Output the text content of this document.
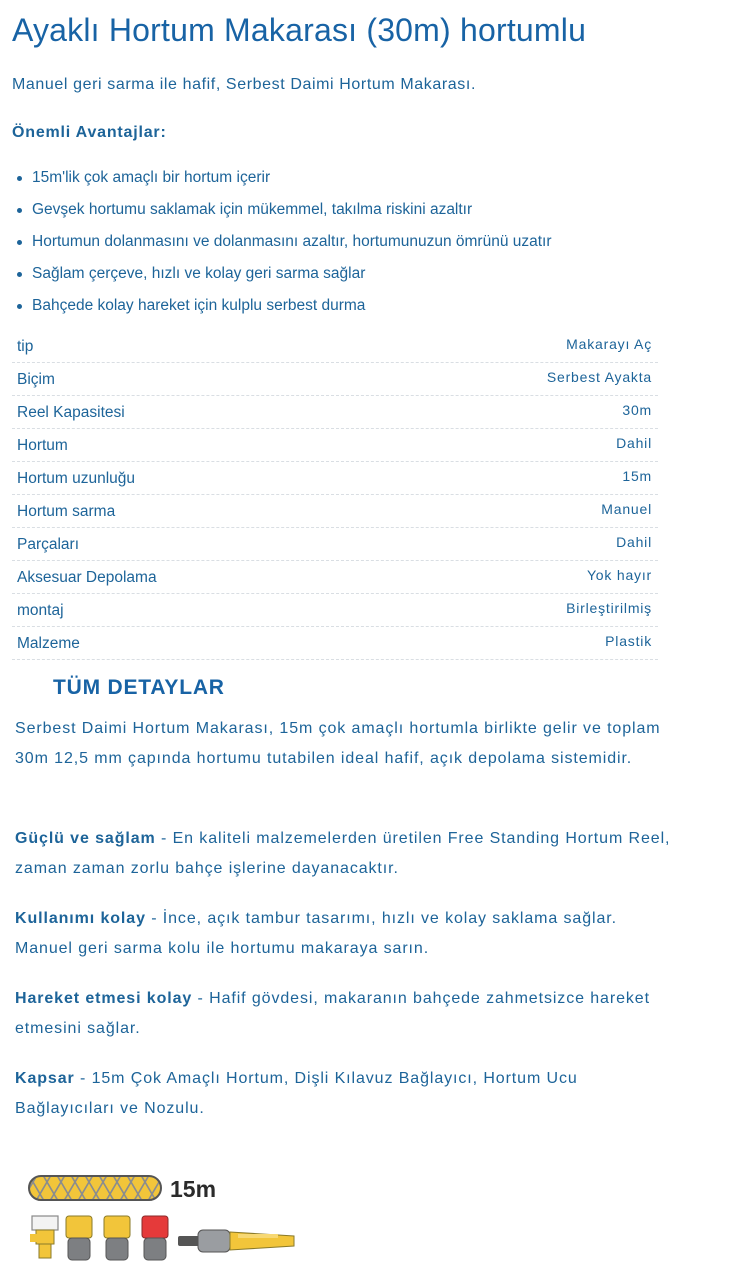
Ayaklı Hortum Makarası (30m) hortumlu

Manuel geri sarma ile hafif, Serbest Daimi Hortum Makarası.

Önemli Avantajlar:

15m'lik çok amaçlı bir hortum içerir
Gevşek hortumu saklamak için mükemmel, takılma riskini azaltır
Hortumun dolanmasını ve dolanmasını azaltır, hortumunuzun ömrünü uzatır
Sağlam çerçeve, hızlı ve kolay geri sarma sağlar
Bahçede kolay hareket için kulplu serbest durma
tip	Makarayı Aç
Biçim	Serbest Ayakta
Reel Kapasitesi	30m
Hortum	Dahil
Hortum uzunluğu	15m
Hortum sarma	Manuel
Parçaları	Dahil
Aksesuar Depolama	Yok hayır
montaj	Birleştirilmiş
Malzeme	Plastik
TÜM DETAYLAR

Serbest Daimi Hortum Makarası, 15m çok amaçlı hortumla birlikte gelir ve toplam 30m 12,5 mm çapında hortumu tutabilen ideal hafif, açık depolama sistemidir.

Güçlü ve sağlam - En kaliteli malzemelerden üretilen Free Standing Hortum Reel, zaman zaman zorlu bahçe işlerine dayanacaktır.

Kullanımı kolay - İnce, açık tambur tasarımı, hızlı ve kolay saklama sağlar. Manuel geri sarma kolu ile hortumu makaraya sarın.

Hareket etmesi kolay - Hafif gövdesi, makaranın bahçede zahmetsizce hareket etmesini sağlar.

Kapsar - 15m Çok Amaçlı Hortum, Dişli Kılavuz Bağlayıcı, Hortum Ucu Bağlayıcıları ve Nozulu.

15m
